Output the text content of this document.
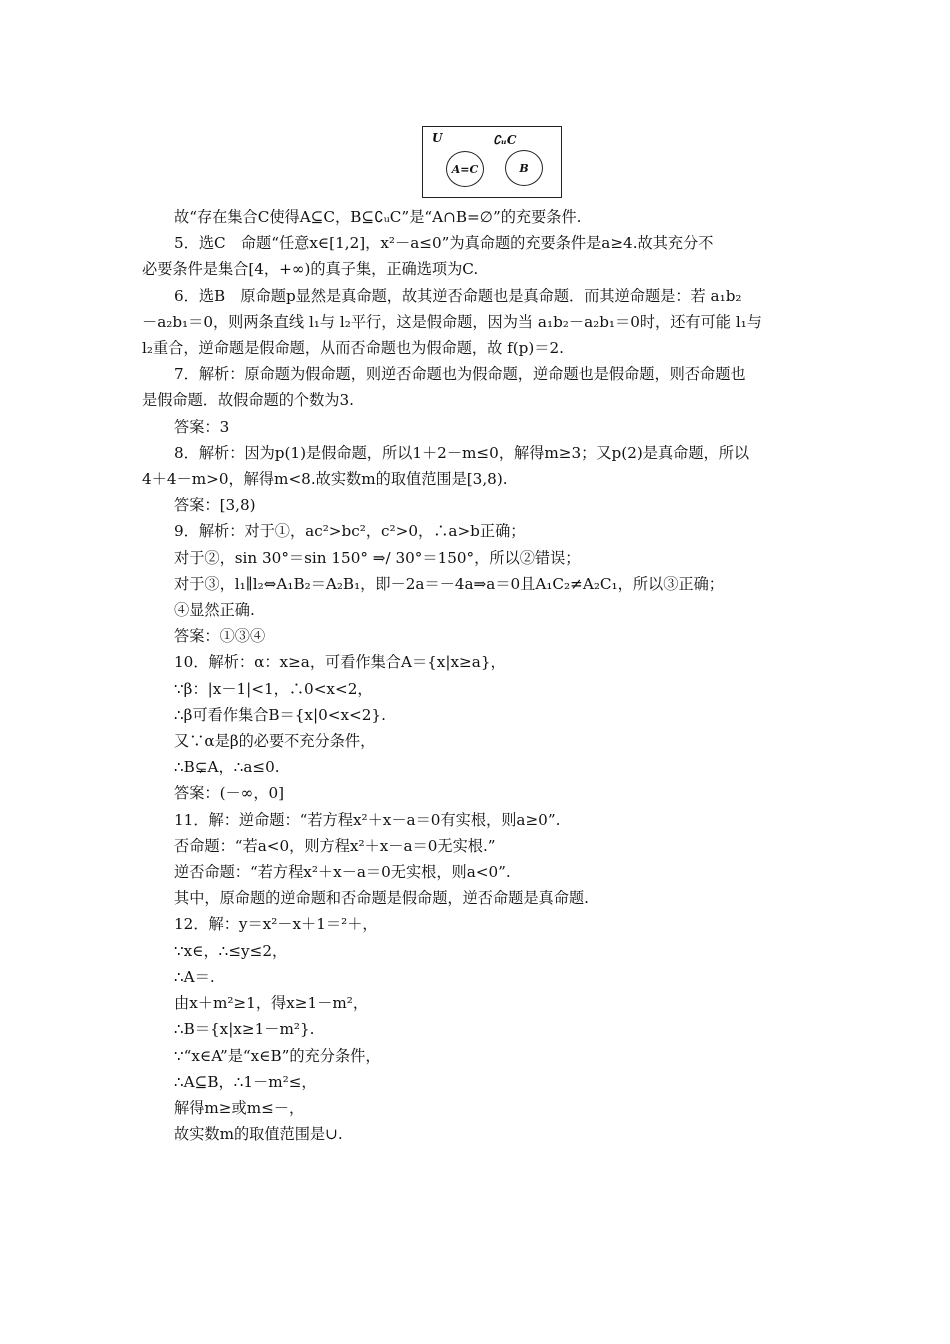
U	∁ᵤC
A=C	B
故“存在集合C使得A⊆C，B⊆∁ᵤC”是“A∩B=∅”的充要条件.
5．选C　命题“任意x∈[1,2]，x²－a≤0”为真命题的充要条件是a≥4.故其充分不
必要条件是集合[4，+∞)的真子集，正确选项为C.
6．选B　原命题p显然是真命题，故其逆否命题也是真命题．而其逆命题是：若 a₁b₂
－a₂b₁＝0，则两条直线 l₁与 l₂平行，这是假命题，因为当 a₁b₂－a₂b₁＝0时，还有可能 l₁与
l₂重合，逆命题是假命题，从而否命题也为假命题，故 f(p)＝2.
7．解析：原命题为假命题，则逆否命题也为假命题，逆命题也是假命题，则否命题也
是假命题．故假命题的个数为3.
答案：3
8．解析：因为p(1)是假命题，所以1＋2－m≤0，解得m≥3；又p(2)是真命题，所以
4＋4－m>0，解得m<8.故实数m的取值范围是[3,8).
答案：[3,8)
9．解析：对于①，ac²>bc²，c²>0，∴a>b正确；
对于②，sin 30°＝sin 150° ⇒/ 30°＝150°，所以②错误；
对于③，l₁∥l₂⇔A₁B₂＝A₂B₁，即－2a＝－4a⇒a＝0且A₁C₂≠A₂C₁，所以③正确；
④显然正确.
答案：①③④
10．解析：α：x≥a，可看作集合A＝{x|x≥a}，
∵β：|x－1|<1，∴0<x<2，
∴β可看作集合B＝{x|0<x<2}.
又∵α是β的必要不充分条件，
∴B⊊A，∴a≤0.
答案：(－∞，0]
11．解：逆命题：“若方程x²＋x－a＝0有实根，则a≥0”.
否命题：“若a<0，则方程x²＋x－a＝0无实根.”
逆否命题：“若方程x²＋x－a＝0无实根，则a<0”.
其中，原命题的逆命题和否命题是假命题，逆否命题是真命题.
12．解：y＝x²－x＋1＝²＋，
∵x∈，∴≤y≤2，
∴A＝.
由x＋m²≥1，得x≥1－m²，
∴B＝{x|x≥1－m²}.
∵“x∈A”是“x∈B”的充分条件，
∴A⊆B，∴1－m²≤，
解得m≥或m≤－，
故实数m的取值范围是∪.
